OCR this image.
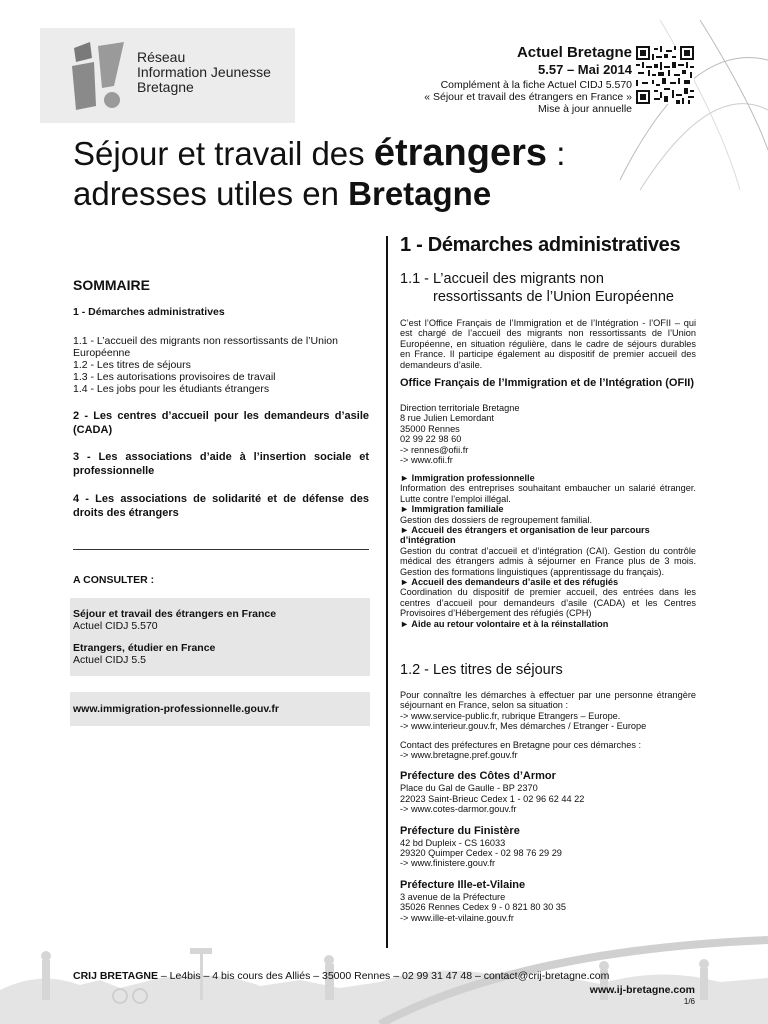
Réseau
Information Jeunesse
Bretagne
Actuel Bretagne
5.57 – Mai 2014
Complément à la fiche Actuel CIDJ 5.570
« Séjour et travail des étrangers en France »
Mise à jour annuelle
Séjour et travail des étrangers :
adresses utiles en Bretagne
SOMMAIRE
1 - Démarches administratives
1.1 - L’accueil des migrants non ressortissants de l’Union Européenne
1.2 - Les titres de séjours
1.3 - Les autorisations provisoires de travail
1.4 - Les jobs pour les étudiants étrangers
2 - Les centres d’accueil pour les demandeurs d’asile (CADA)
3 - Les associations d’aide à l’insertion sociale et professionnelle
4 - Les associations de solidarité et de défense des droits des étrangers
A CONSULTER :
Séjour et travail des étrangers en France
Actuel CIDJ 5.570
Etrangers, étudier en France
Actuel CIDJ 5.5
www.immigration-professionnelle.gouv.fr
1 - Démarches administratives
1.1 - L’accueil des migrants non
ressortissants de l’Union Européenne
C’est l’Office Français de l’Immigration et de l’Intégration - l’OFII – qui est chargé de l’accueil des migrants non ressortissants de l’Union Européenne, en situation régulière, dans le cadre de séjours durables en France. Il participe également au dispositif de premier accueil des demandeurs d’asile.
Office Français de l’Immigration et de l’Intégration (OFII)
Direction territoriale Bretagne
8 rue Julien Lemordant
35000 Rennes
02 99 22 98 60
-> rennes@ofii.fr
-> www.ofii.fr
► Immigration professionnelle
Information des entreprises souhaitant embaucher un salarié étranger. Lutte contre l’emploi illégal.
► Immigration familiale
Gestion des dossiers de regroupement familial.
► Accueil des étrangers et organisation de leur parcours d’intégration
Gestion du contrat d’accueil et d’intégration (CAI). Gestion du contrôle médical des étrangers admis à séjourner en France plus de 3 mois. Gestion des formations linguistiques (apprentissage du français).
► Accueil des demandeurs d’asile et des réfugiés
Coordination du dispositif de premier accueil, des entrées dans les centres d’accueil pour demandeurs d’asile (CADA) et les Centres Provisoires d’Hébergement des réfugiés (CPH)
► Aide au retour volontaire et à la réinstallation
1.2 - Les titres de séjours
Pour connaître les démarches à effectuer par une personne étrangère séjournant en France, selon sa situation :
-> www.service-public.fr, rubrique Etrangers – Europe.
-> www.interieur.gouv.fr, Mes démarches / Etranger - Europe
Contact des préfectures en Bretagne pour ces démarches :
-> www.bretagne.pref.gouv.fr
Préfecture des Côtes d’Armor
Place du Gal de Gaulle - BP 2370
22023 Saint-Brieuc Cedex 1 - 02 96 62 44 22
-> www.cotes-darmor.gouv.fr
Préfecture du Finistère
42 bd Dupleix - CS 16033
29320 Quimper Cedex - 02 98 76 29 29
-> www.finistere.gouv.fr
Préfecture Ille-et-Vilaine
3 avenue de la Préfecture
35026 Rennes Cedex 9 - 0 821 80 30 35
-> www.ille-et-vilaine.gouv.fr
CRIJ BRETAGNE – Le4bis – 4 bis cours des Alliés – 35000 Rennes – 02 99 31 47 48 – contact@crij-bretagne.com
www.ij-bretagne.com
1/6
